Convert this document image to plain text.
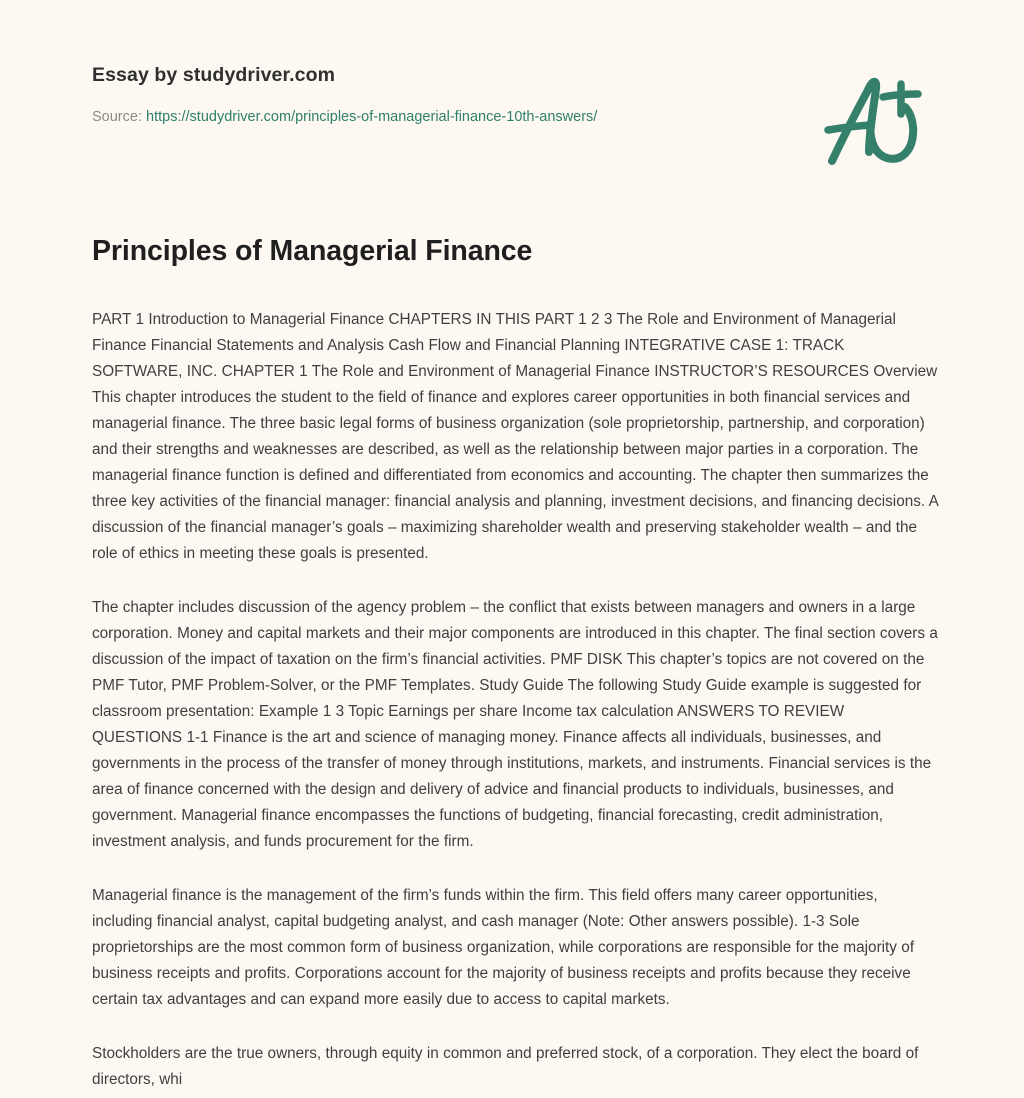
Essay by studydriver.com
Source: https://studydriver.com/principles-of-managerial-finance-10th-answers/
Principles of Managerial Finance

PART 1 Introduction to Managerial Finance CHAPTERS IN THIS PART 1 2 3 The Role and Environment of Managerial Finance Financial Statements and Analysis Cash Flow and Financial Planning INTEGRATIVE CASE 1: TRACK SOFTWARE, INC. CHAPTER 1 The Role and Environment of Managerial Finance INSTRUCTOR’S RESOURCES Overview This chapter introduces the student to the field of finance and explores career opportunities in both financial services and managerial finance. The three basic legal forms of business organization (sole proprietorship, partnership, and corporation) and their strengths and weaknesses are described, as well as the relationship between major parties in a corporation. The managerial finance function is defined and differentiated from economics and accounting. The chapter then summarizes the three key activities of the financial manager: financial analysis and planning, investment decisions, and financing decisions. A discussion of the financial manager’s goals – maximizing shareholder wealth and preserving stakeholder wealth – and the role of ethics in meeting these goals is presented.

The chapter includes discussion of the agency problem – the conflict that exists between managers and owners in a large corporation. Money and capital markets and their major components are introduced in this chapter. The final section covers a discussion of the impact of taxation on the firm’s financial activities. PMF DISK This chapter’s topics are not covered on the PMF Tutor, PMF Problem-Solver, or the PMF Templates. Study Guide The following Study Guide example is suggested for classroom presentation: Example 1 3 Topic Earnings per share Income tax calculation ANSWERS TO REVIEW QUESTIONS 1-1 Finance is the art and science of managing money. Finance affects all individuals, businesses, and governments in the process of the transfer of money through institutions, markets, and instruments. Financial services is the area of finance concerned with the design and delivery of advice and financial products to individuals, businesses, and government. Managerial finance encompasses the functions of budgeting, financial forecasting, credit administration, investment analysis, and funds procurement for the firm.

Managerial finance is the management of the firm’s funds within the firm. This field offers many career opportunities, including financial analyst, capital budgeting analyst, and cash manager (Note: Other answers possible). 1-3 Sole proprietorships are the most common form of business organization, while corporations are responsible for the majority of business receipts and profits. Corporations account for the majority of business receipts and profits because they receive certain tax advantages and can expand more easily due to access to capital markets.

Stockholders are the true owners, through equity in common and preferred stock, of a corporation. They elect the board of directors, whi
